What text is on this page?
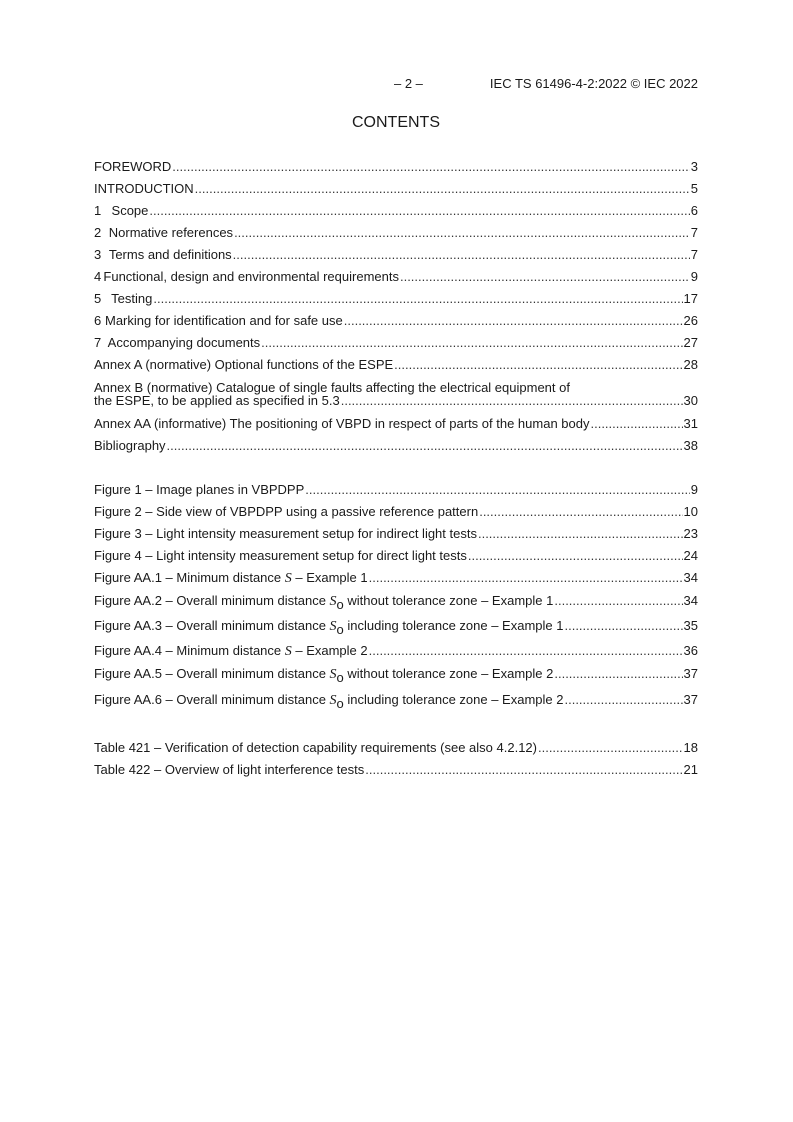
– 2 –	IEC TS 61496-4-2:2022 © IEC 2022
CONTENTS
FOREWORD .....	3
INTRODUCTION .....	5
1 Scope .....	6
2 Normative references .....	7
3 Terms and definitions .....	7
4 Functional, design and environmental requirements .....	9
5 Testing .....	17
6 Marking for identification and for safe use .....	26
7 Accompanying documents .....	27
Annex A (normative) Optional functions of the ESPE .....	28
Annex B (normative) Catalogue of single faults affecting the electrical equipment of
the ESPE, to be applied as specified in 5.3 .....	30
Annex AA (informative) The positioning of VBPD in respect of parts of the human body .....	31
Bibliography .....	38
Figure 1 – Image planes in VBPDPP .....	9
Figure 2 – Side view of VBPDPP using a passive reference pattern .....	10
Figure 3 – Light intensity measurement setup for indirect light tests .....	23
Figure 4 – Light intensity measurement setup for direct light tests .....	24
Figure AA.1 – Minimum distance S – Example 1 .....	34
Figure AA.2 – Overall minimum distance So without tolerance zone – Example 1 .....	34
Figure AA.3 – Overall minimum distance So including tolerance zone – Example 1 .....	35
Figure AA.4 – Minimum distance S – Example 2 .....	36
Figure AA.5 – Overall minimum distance So without tolerance zone – Example 2 .....	37
Figure AA.6 – Overall minimum distance So including tolerance zone – Example 2 .....	37
Table 421 – Verification of detection capability requirements (see also 4.2.12) .....	18
Table 422 – Overview of light interference tests .....	21
